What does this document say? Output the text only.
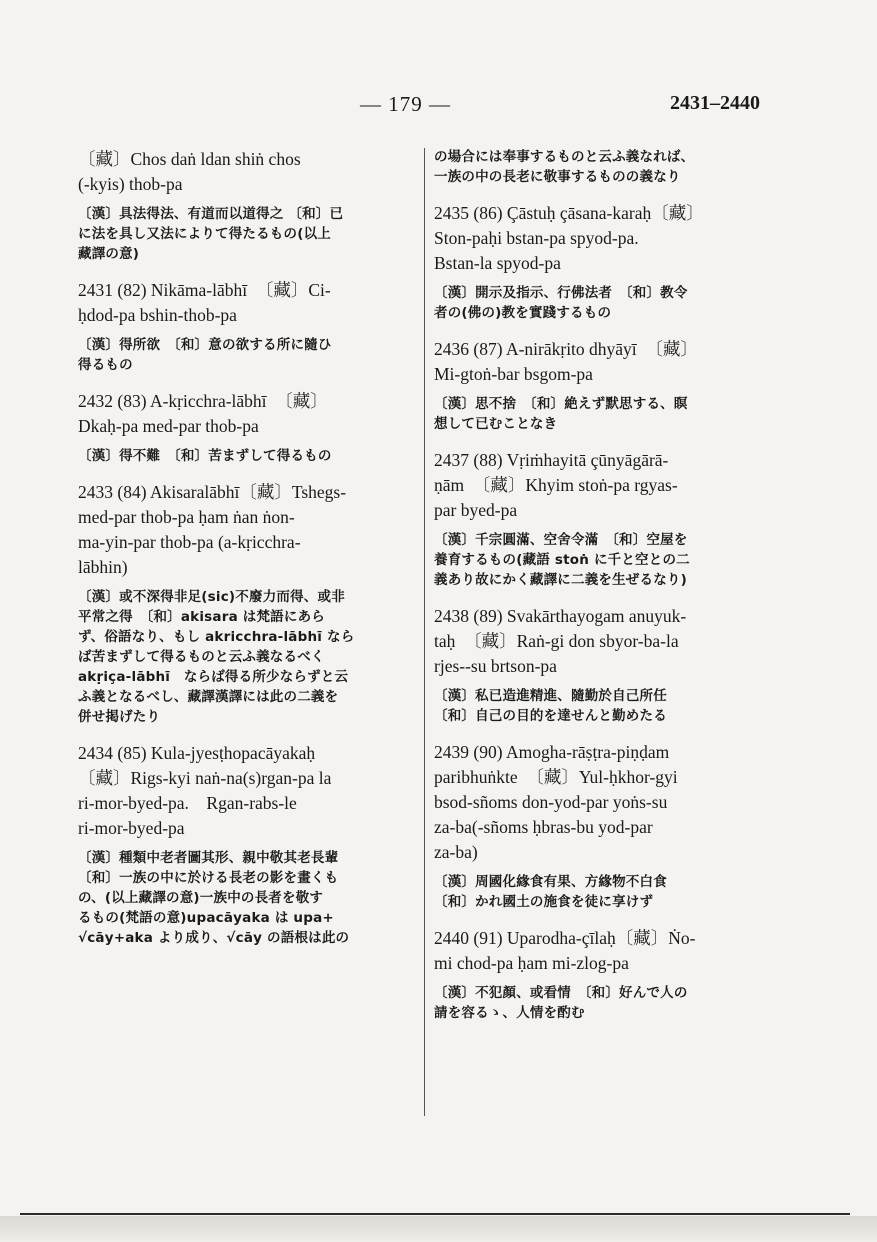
— 179 —	2431–2440
〔藏〕Chos daṅ ldan shiṅ chos
(-kyis) thob-pa
〔漢〕具法得法、有道而以道得之 〔和〕已
に法を具し又法によりて得たるもの(以上
藏譯の意)
2431 (82) Nikāma-lābhī　〔藏〕Ci-
ḥdod-pa bshin-thob-pa
〔漢〕得所欲　〔和〕意の欲する所に隨ひ
得るもの
2432 (83) A-kṛicchra-lābhī　〔藏〕
Dkaḥ-pa med-par thob-pa
〔漢〕得不難　〔和〕苦まずして得るもの
2433 (84) Akisaralābhī〔藏〕Tshegs-
med-par thob-pa ḥam ṅan ṅon-
ma-yin-par thob-pa (a-kṛicchra-
lābhin)
〔漢〕或不深得非足(sic)不廢力而得、或非
平常之得　〔和〕akisara は梵語にあら
ず、俗語なり、もし akricchra-lābhī なら
ば苦まずして得るものと云ふ義なるべく
akṛiça-lābhī　ならば得る所少ならずと云
ふ義となるべし、藏譯漢譯には此の二義を
併せ掲げたり
2434 (85) Kula-jyesṭhopacāyakaḥ
〔藏〕Rigs-kyi naṅ-na(s)rgan-pa la
ri-mor-byed-pa.　Rgan-rabs-le
ri-mor-byed-pa
〔漢〕種類中老者圖其形、親中敬其老長輩
〔和〕一族の中に於ける長老の影を畫くも
の、(以上藏譯の意)一族中の長者を敬す
るもの(梵語の意)upacāyaka は upa+
√cāy+aka より成り、√cāy の語根は此の
の場合には奉事するものと云ふ義なれば、
一族の中の長老に敬事するものの義なり
2435 (86) Çāstuḥ çāsana-karaḥ〔藏〕
Ston-paḥi bstan-pa spyod-pa.
Bstan-la spyod-pa
〔漢〕開示及指示、行佛法者　〔和〕教令
者の(佛の)教を實踐するもの
2436 (87) A-nirākṛito dhyāyī　〔藏〕
Mi-gtoṅ-bar bsgom-pa
〔漢〕思不捨　〔和〕絶えず默思する、瞑
想して已むことなき
2437 (88) Vṛiṁhayitā çūnyāgārā-
ṇām　〔藏〕Khyim stoṅ-pa rgyas-
par byed-pa
〔漢〕千宗圓滿、空舍令滿　〔和〕空屋を
養育するもの(藏語 stoṅ に千と空との二
義あり故にかく藏譯に二義を生ぜるなり)
2438 (89) Svakārthayogam anuyuk-
taḥ　〔藏〕Raṅ-gi don sbyor-ba-la
rjes--su brtson-pa
〔漢〕私已造進精進、隨勤於自己所任
〔和〕自己の目的を達せんと勤めたる
2439 (90) Amogha-rāṣṭra-piṇḍam
paribhuṅkte　〔藏〕Yul-ḥkhor-gyi
bsod-sñoms don-yod-par yoṅs-su
za-ba(-sñoms ḥbras-bu yod-par
za-ba)
〔漢〕周國化緣食有果、方緣物不白食
〔和〕かれ國土の施食を徒に享けず
2440 (91) Uparodha-çīlaḥ〔藏〕Ṅo-
mi chod-pa ḥam mi-zlog-pa
〔漢〕不犯顏、或看情　〔和〕好んで人の
請を容るゝ、人情を酌む
